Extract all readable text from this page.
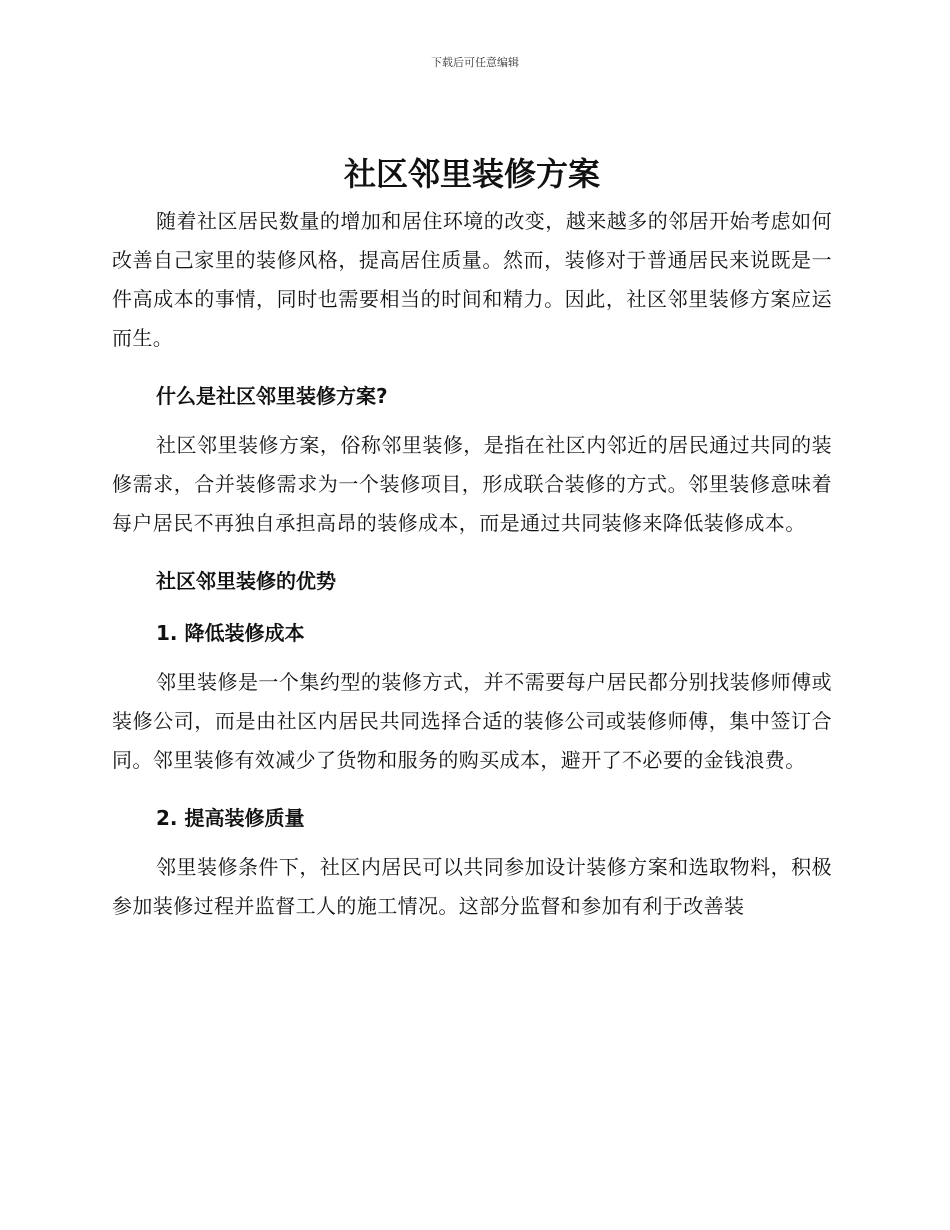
下载后可任意编辑
社区邻里装修方案

随着社区居民数量的增加和居住环境的改变，越来越多的邻居开始考虑如何改善自己家里的装修风格，提高居住质量。然而，装修对于普通居民来说既是一件高成本的事情，同时也需要相当的时间和精力。因此，社区邻里装修方案应运而生。

什么是社区邻里装修方案?

社区邻里装修方案，俗称邻里装修，是指在社区内邻近的居民通过共同的装修需求，合并装修需求为一个装修项目，形成联合装修的方式。邻里装修意味着每户居民不再独自承担高昂的装修成本，而是通过共同装修来降低装修成本。

社区邻里装修的优势
1. 降低装修成本

邻里装修是一个集约型的装修方式，并不需要每户居民都分别找装修师傅或装修公司，而是由社区内居民共同选择合适的装修公司或装修师傅，集中签订合同。邻里装修有效减少了货物和服务的购买成本，避开了不必要的金钱浪费。

2. 提高装修质量

邻里装修条件下，社区内居民可以共同参加设计装修方案和选取物料，积极参加装修过程并监督工人的施工情况。这部分监督和参加有利于改善装
